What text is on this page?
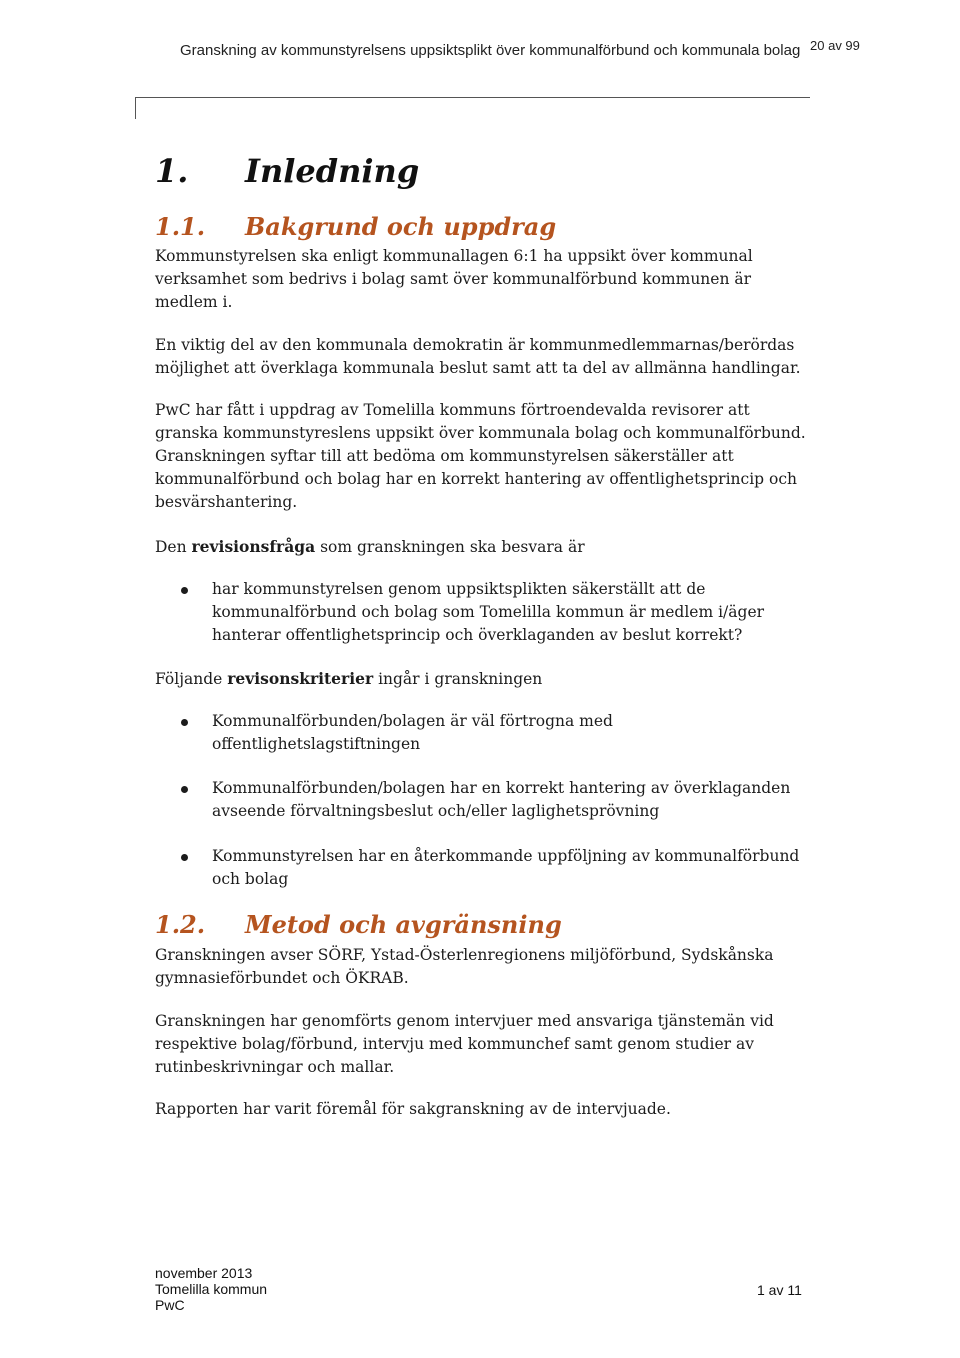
Granskning av kommunstyrelsens uppsiktsplikt över kommunalförbund och kommunala bolag 20 av 99
1. Inledning
1.1. Bakgrund och uppdrag
Kommunstyrelsen ska enligt kommunallagen 6:1 ha uppsikt över kommunal verksamhet som bedrivs i bolag samt över kommunalförbund kommunen är medlem i.
En viktig del av den kommunala demokratin är kommunmedlemmarnas/berördas möjlighet att överklaga kommunala beslut samt att ta del av allmänna handlingar.
PwC har fått i uppdrag av Tomelilla kommuns förtroendevalda revisorer att granska kommunstyreslens uppsikt över kommunala bolag och kommunalförbund. Granskningen syftar till att bedöma om kommunstyrelsen säkerställer att kommunalförbund och bolag har en korrekt hantering av offentlighetsprincip och besvärshantering.
Den revisionsfråga som granskningen ska besvara är
har kommunstyrelsen genom uppsiktsplikten säkerställt att de kommunalförbund och bolag som Tomelilla kommun är medlem i/äger hanterar offentlighetsprincip och överklaganden av beslut korrekt?
Följande revisonskriterier ingår i granskningen
Kommunalförbunden/bolagen är väl förtrogna med offentlighetslagstiftningen
Kommunalförbunden/bolagen har en korrekt hantering av överklaganden avseende förvaltningsbeslut och/eller laglighetsprövning
Kommunstyrelsen har en återkommande uppföljning av kommunalförbund och bolag
1.2. Metod och avgränsning
Granskningen avser SÖRF, Ystad-Österlenregionens miljöförbund, Sydskånska gymnasieförbundet och ÖKRAB.
Granskningen har genomförts genom intervjuer med ansvariga tjänstemän vid respektive bolag/förbund, intervju med kommunchef samt genom studier av rutinbeskrivningar och mallar.
Rapporten har varit föremål för sakgranskning av de intervjuade.
november 2013
Tomelilla kommun
PwC
1 av 11
